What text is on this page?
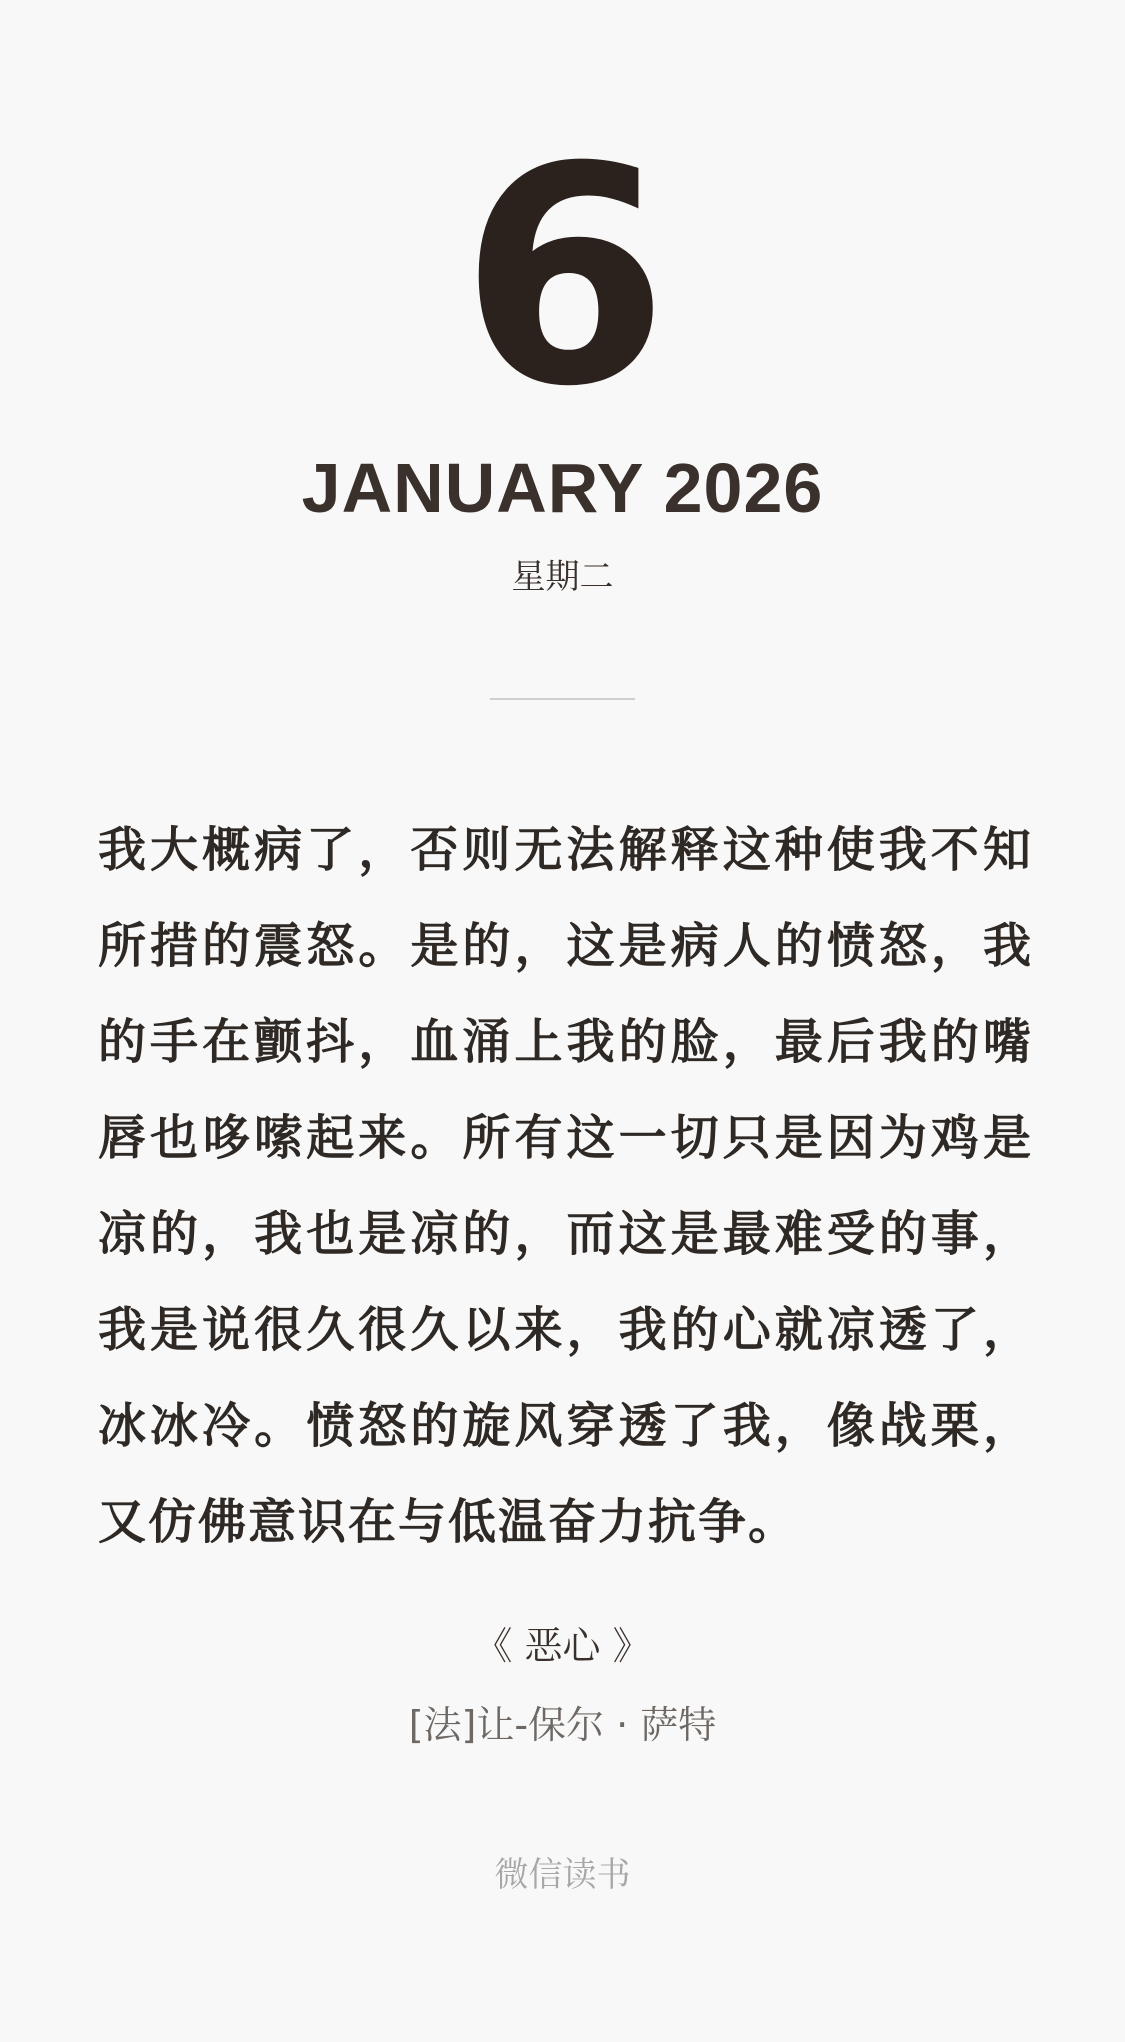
6
JANUARY 2026
星期二
我大概病了，否则无法解释这种使我不知所措的震怒。是的，这是病人的愤怒，我的手在颤抖，血涌上我的脸，最后我的嘴唇也哆嗦起来。所有这一切只是因为鸡是凉的，我也是凉的，而这是最难受的事，我是说很久很久以来，我的心就凉透了，冰冰冷。愤怒的旋风穿透了我，像战栗，又仿佛意识在与低温奋力抗争。
《 恶心 》
[法]让-保尔 · 萨特
微信读书
